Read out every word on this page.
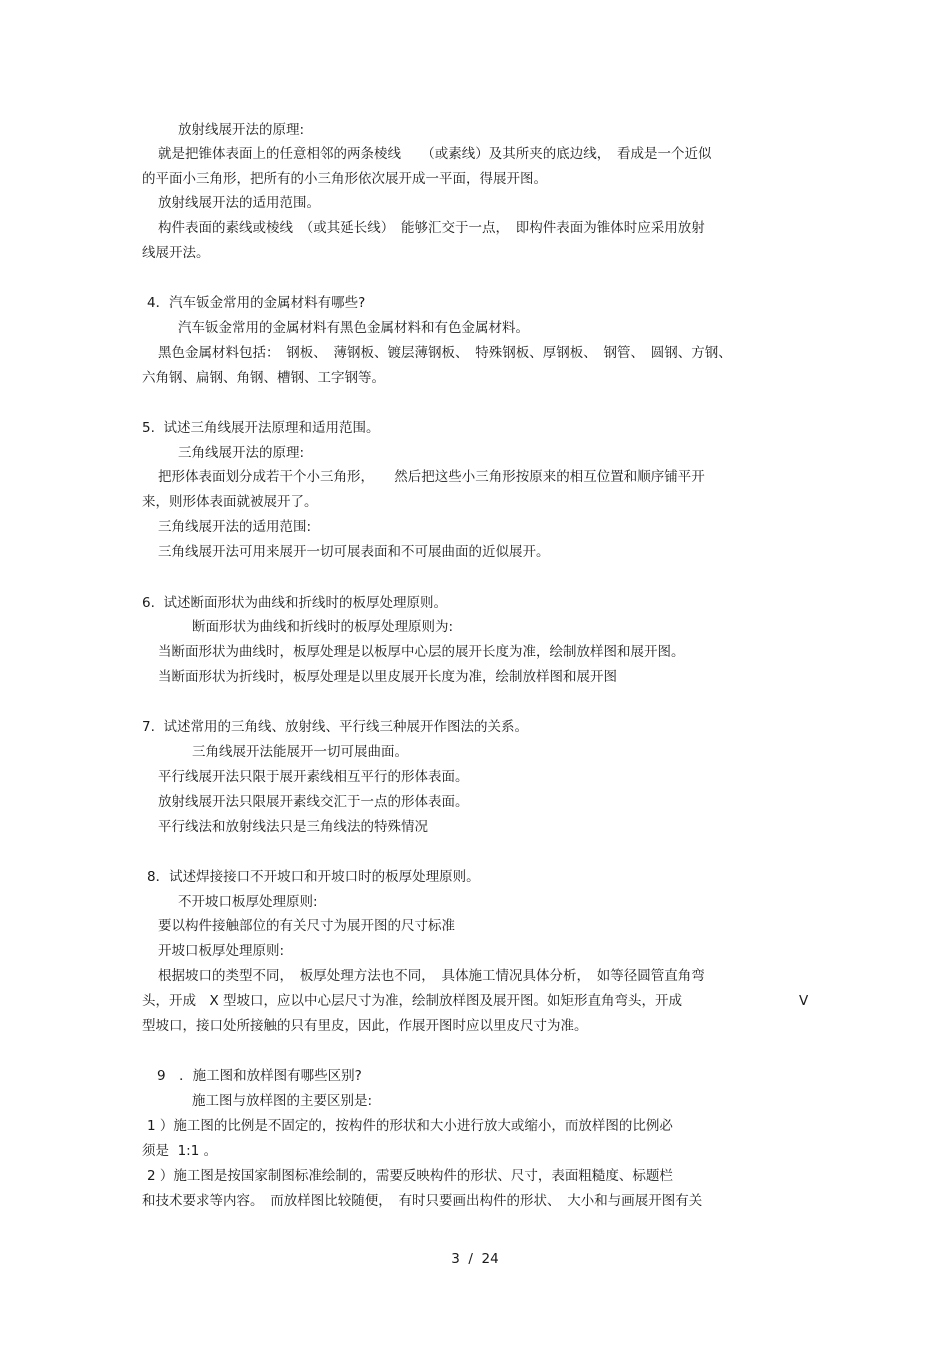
放射线展开法的原理:

就是把锥体表面上的任意相邻的两条棱线　　（或素线）及其所夹的底边线，　看成是一个近似

的平面小三角形，把所有的小三角形依次展开成一平面，得展开图。

放射线展开法的适用范围。

构件表面的素线或棱线　（或其延长线）　能够汇交于一点，　即构件表面为锥体时应采用放射

线展开法。

4．汽车钣金常用的金属材料有哪些?

汽车钣金常用的金属材料有黑色金属材料和有色金属材料。

黑色金属材料包括：　钢板、　薄钢板、镀层薄钢板、　特殊钢板、厚钢板、　钢管、　圆钢、方钢、

六角钢、扁钢、角钢、槽钢、工字钢等。

5.  试述三角线展开法原理和适用范围。

三角线展开法的原理:

把形体表面划分成若干个小三角形，　　然后把这些小三角形按原来的相互位置和顺序铺平开

来，则形体表面就被展开了。

三角线展开法的适用范围:

三角线展开法可用来展开一切可展表面和不可展曲面的近似展开。

6.  试述断面形状为曲线和折线时的板厚处理原则。

断面形状为曲线和折线时的板厚处理原则为:

当断面形状为曲线时，板厚处理是以板厚中心层的展开长度为准，绘制放样图和展开图。

当断面形状为折线时，板厚处理是以里皮展开长度为准，绘制放样图和展开图

7.  试述常用的三角线、放射线、平行线三种展开作图法的关系。

三角线展开法能展开一切可展曲面。

平行线展开法只限于展开素线相互平行的形体表面。

放射线展开法只限展开素线交汇于一点的形体表面。

平行线法和放射线法只是三角线法的特殊情况

8．试述焊接接口不开坡口和开坡口时的板厚处理原则。

不开坡口板厚处理原则:

要以构件接触部位的有关尺寸为展开图的尺寸标准

开坡口板厚处理原则:

根据坡口的类型不同，　板厚处理方法也不同，　具体施工情况具体分析，　如等径圆管直角弯

头，开成　X 型坡口，应以中心层尺寸为准，绘制放样图及展开图。如矩形直角弯头，开成	V

型坡口，接口处所接触的只有里皮，因此，作展开图时应以里皮尺寸为准。

9　．施工图和放样图有哪些区别?

施工图与放样图的主要区别是:

1 ）施工图的比例是不固定的，按构件的形状和大小进行放大或缩小，而放样图的比例必

须是  1:1 。

2 ）施工图是按国家制图标准绘制的，需要反映构件的形状、尺寸，表面粗糙度、标题栏

和技术要求等内容。　而放样图比较随便，　有时只要画出构件的形状、　大小和与画展开图有关

3  /  24
